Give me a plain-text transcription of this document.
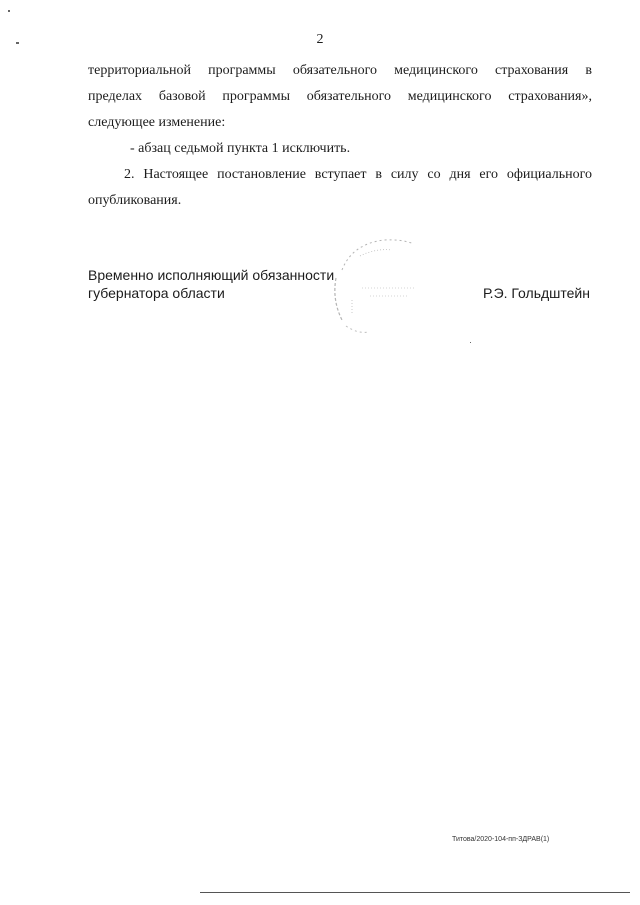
2
территориальной программы обязательного медицинского страхования в
пределах базовой программы обязательного медицинского страхования»,
следующее изменение:
- абзац седьмой пункта 1 исключить.
2. Настоящее постановление вступает в силу со дня его официального
опубликования.
Временно исполняющий обязанности
губернатора области	Р.Э. Гольдштейн
Титова/2020-104-пп-ЗДРАВ(1)
